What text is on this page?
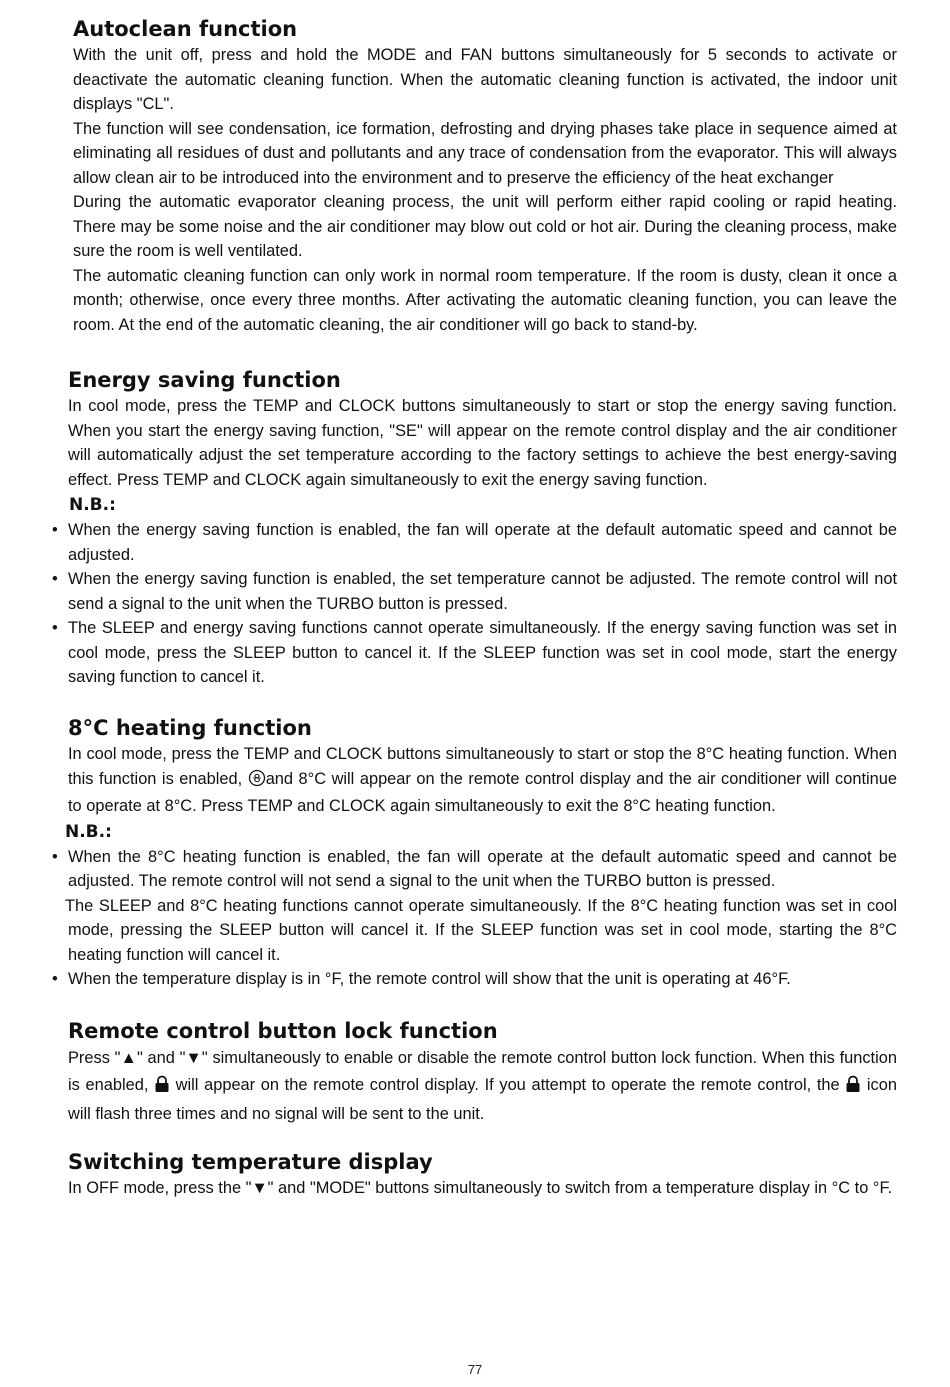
Autoclean function

With the unit off, press and hold the MODE and FAN buttons simultaneously for 5 seconds to activate or deactivate the automatic cleaning function. When the automatic cleaning function is activated, the indoor unit displays "CL".

The function will see condensation, ice formation, defrosting and drying phases take place in sequence aimed at eliminating all residues of dust and pollutants and any trace of condensation from the evaporator. This will always allow clean air to be introduced into the environment and to preserve the efficiency of the heat exchanger

During the automatic evaporator cleaning process, the unit will perform either rapid cooling or rapid heating. There may be some noise and the air conditioner may blow out cold or hot air. During the cleaning process, make sure the room is well ventilated.

The automatic cleaning function can only work in normal room temperature. If the room is dusty, clean it once a month; otherwise, once every three months. After activating the automatic cleaning function, you can leave the room. At the end of the automatic cleaning, the air conditioner will go back to stand-by.

Energy saving function

In cool mode, press the TEMP and CLOCK buttons simultaneously to start or stop the energy saving function. When you start the energy saving function, "SE" will appear on the remote control display and the air conditioner will automatically adjust the set temperature according to the factory settings to achieve the best energy-saving effect. Press TEMP and CLOCK again simultaneously to exit the energy saving function.

N.B.:
• When the energy saving function is enabled, the fan will operate at the default automatic speed and cannot be adjusted.
• When the energy saving function is enabled, the set temperature cannot be adjusted. The remote control will not send a signal to the unit when the TURBO button is pressed.
• The SLEEP and energy saving functions cannot operate simultaneously. If the energy saving function was set in cool mode, press the SLEEP button to cancel it. If the SLEEP function was set in cool mode, start the energy saving function to cancel it.
8°C heating function

In cool mode, press the TEMP and CLOCK buttons simultaneously to start or stop the 8°C heating function. When this function is enabled, 8 and 8°C will appear on the remote control display and the air conditioner will continue to operate at 8°C. Press TEMP and CLOCK again simultaneously to exit the 8°C heating function.

N.B.:
• When the 8°C heating function is enabled, the fan will operate at the default automatic speed and cannot be adjusted. The remote control will not send a signal to the unit when the TURBO button is pressed.

The SLEEP and 8°C heating functions cannot operate simultaneously. If the 8°C heating function was set in cool mode, pressing the SLEEP button will cancel it. If the SLEEP function was set in cool mode, starting the 8°C heating function will cancel it.

• When the temperature display is in °F, the remote control will show that the unit is operating at 46°F.
Remote control button lock function

Press "▲" and "▼" simultaneously to enable or disable the remote control button lock function. When this function is enabled,  will appear on the remote control display. If you attempt to operate the remote control, the  icon will flash three times and no signal will be sent to the unit.

Switching temperature display

In OFF mode, press the "▼" and "MODE" buttons simultaneously to switch from a temperature display in °C to °F.

77
